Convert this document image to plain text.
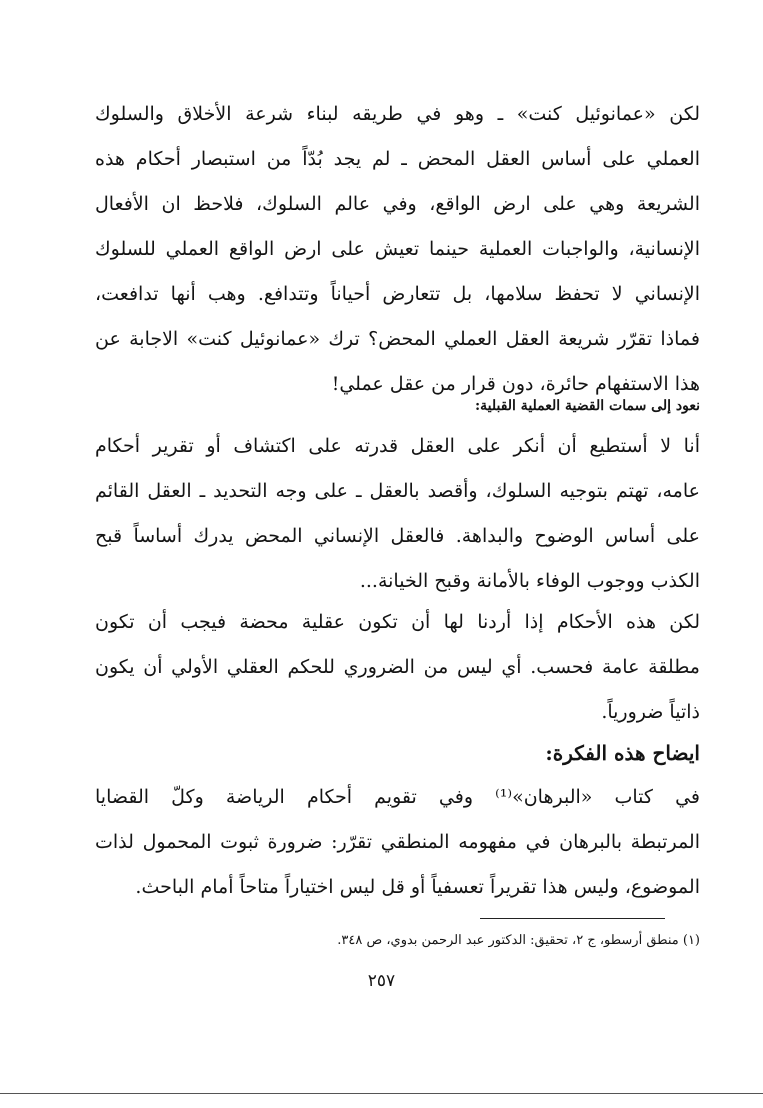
لكن «عمانوئيل كنت» ـ وهو في طريقه لبناء شرعة الأخلاق والسلوك
العملي على أساس العقل المحض ـ لم يجد بُدّاً من استبصار أحكام هذه
الشريعة وهي على ارض الواقع، وفي عالم السلوك، فلاحظ ان الأفعال
الإنسانية، والواجبات العملية حينما تعيش على ارض الواقع العملي للسلوك
الإنساني لا تحفظ سلامها، بل تتعارض أحياناً وتتدافع. وهب أنها تدافعت،
فماذا تقرّر شريعة العقل العملي المحض؟ ترك «عمانوئيل كنت» الاجابة عن
هذا الاستفهام حائرة، دون قرار من عقل عملي!
نعود إلى سمات القضية العملية القبلية:
أنا لا أستطيع أن أنكر على العقل قدرته على اكتشاف أو تقرير أحكام
عامه، تهتم بتوجيه السلوك، وأقصد بالعقل ـ على وجه التحديد ـ العقل القائم
على أساس الوضوح والبداهة. فالعقل الإنساني المحض يدرك أساساً قبح
الكذب ووجوب الوفاء بالأمانة وقبح الخيانة...
لكن هذه الأحكام إذا أردنا لها أن تكون عقلية محضة فيجب أن تكون
مطلقة عامة فحسب. أي ليس من الضروري للحكم العقلي الأولي أن يكون
ذاتياً ضرورياً.
ايضاح هذه الفكرة:
في كتاب «البرهان»⁽¹⁾ وفي تقويم أحكام الرياضة وكلّ القضايا
المرتبطة بالبرهان في مفهومه المنطقي تقرّر: ضرورة ثبوت المحمول لذات
الموضوع، وليس هذا تقريراً تعسفياً أو قل ليس اختياراً متاحاً أمام الباحث.
(١) منطق أرسطو، ج ٢، تحقيق: الدكتور عبد الرحمن بدوي، ص ٣٤٨.
٢٥٧
